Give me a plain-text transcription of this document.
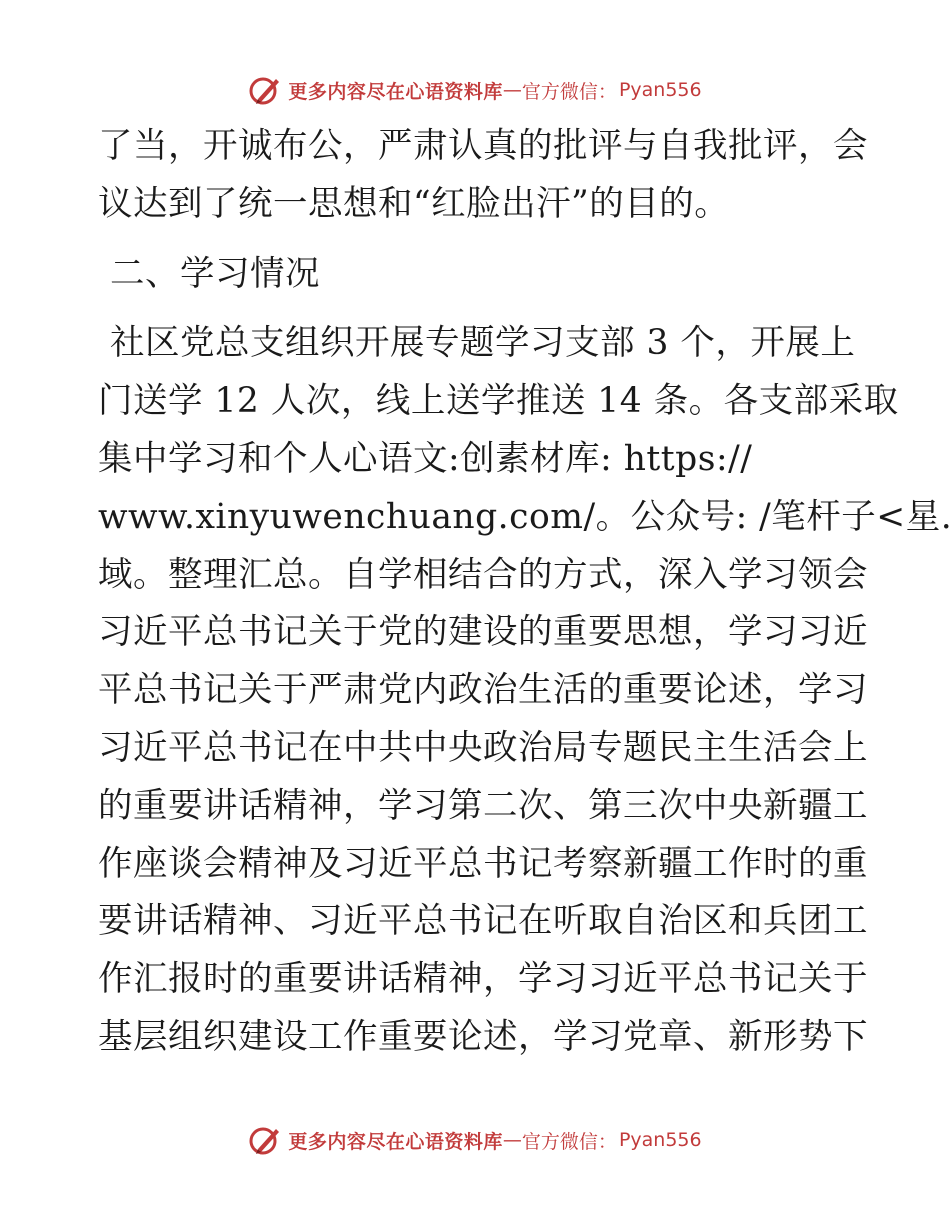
更多内容尽在心语资料库 — 官方微信： Pyan556
了当，开诚布公，严肃认真的批评与自我批评，会
议达到了统一思想和“红脸出汗”的目的。
二、学习情况
社区党总支组织开展专题学习支部 3 个，开展上
门送学 12 人次，线上送学推送 14 条。各支部采取
集中学习和个人心语文:创素材库: https://
www.xinyuwenchuang.com/。公众号: /笔杆子<星.
域。整理汇总。自学相结合的方式，深入学习领会
习近平总书记关于党的建设的重要思想，学习习近
平总书记关于严肃党内政治生活的重要论述，学习
习近平总书记在中共中央政治局专题民主生活会上
的重要讲话精神，学习第二次、第三次中央新疆工
作座谈会精神及习近平总书记考察新疆工作时的重
要讲话精神、习近平总书记在听取自治区和兵团工
作汇报时的重要讲话精神，学习习近平总书记关于
基层组织建设工作重要论述，学习党章、新形势下
更多内容尽在心语资料库 — 官方微信： Pyan556
